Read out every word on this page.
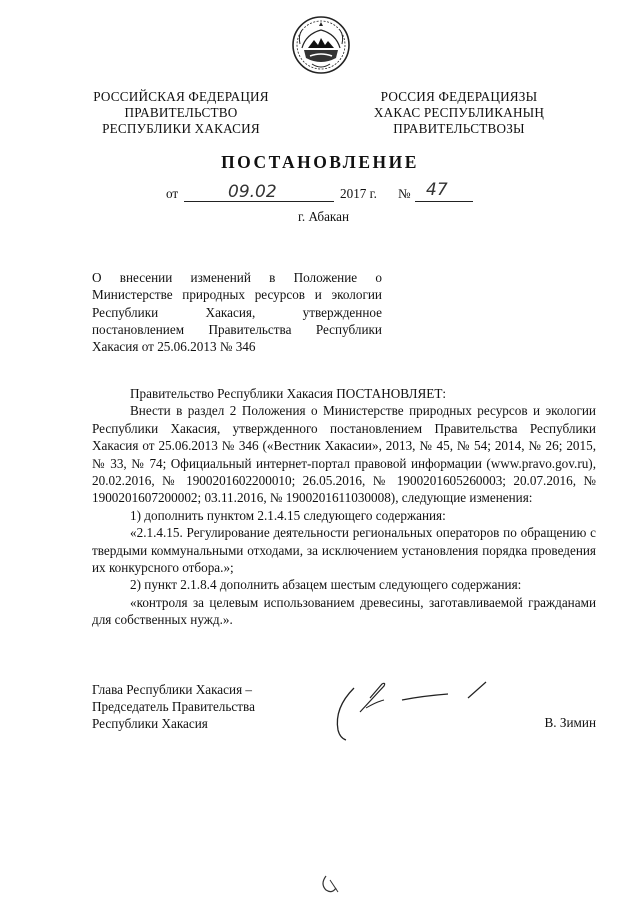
РОССИЙСКАЯ ФЕДЕРАЦИЯ
ПРАВИТЕЛЬСТВО
РЕСПУБЛИКИ ХАКАСИЯ
РОССИЯ ФЕДЕРАЦИЯЗЫ
ХАКАС РЕСПУБЛИКАНЫҢ
ПРАВИТЕЛЬСТВОЗЫ
ПОСТАНОВЛЕНИЕ
от	09.02	2017 г. № 47
г. Абакан

О внесении изменений в Положение о

Министерстве природных ресурсов и экологии

Республики Хакасия, утвержденное

постановлением Правительства Республики

Хакасия от 25.06.2013 № 346

Правительство Республики Хакасия ПОСТАНОВЛЯЕТ:

Внести в раздел 2 Положения о Министерстве природных ресурсов и экологии Республики Хакасия, утвержденного постановлением Правительства Республики Хакасия от 25.06.2013 № 346 («Вестник Хакасии», 2013, № 45, № 54; 2014, № 26; 2015, № 33, № 74; Официальный интернет-портал правовой информации (www.pravo.gov.ru), 20.02.2016, № 1900201602200010; 26.05.2016, № 1900201605260003; 20.07.2016, № 1900201607200002; 03.11.2016, № 1900201611030008), следующие изменения:

1) дополнить пунктом 2.1.4.15 следующего содержания:

«2.1.4.15. Регулирование деятельности региональных операторов по обращению с твердыми коммунальными отходами, за исключением установления порядка проведения их конкурсного отбора.»;

2) пункт 2.1.8.4 дополнить абзацем шестым следующего содержания:

«контроля за целевым использованием древесины, заготавливаемой гражданами для собственных нужд.».

Глава Республики Хакасия –
Председатель Правительства
Республики Хакасия	В. Зимин
